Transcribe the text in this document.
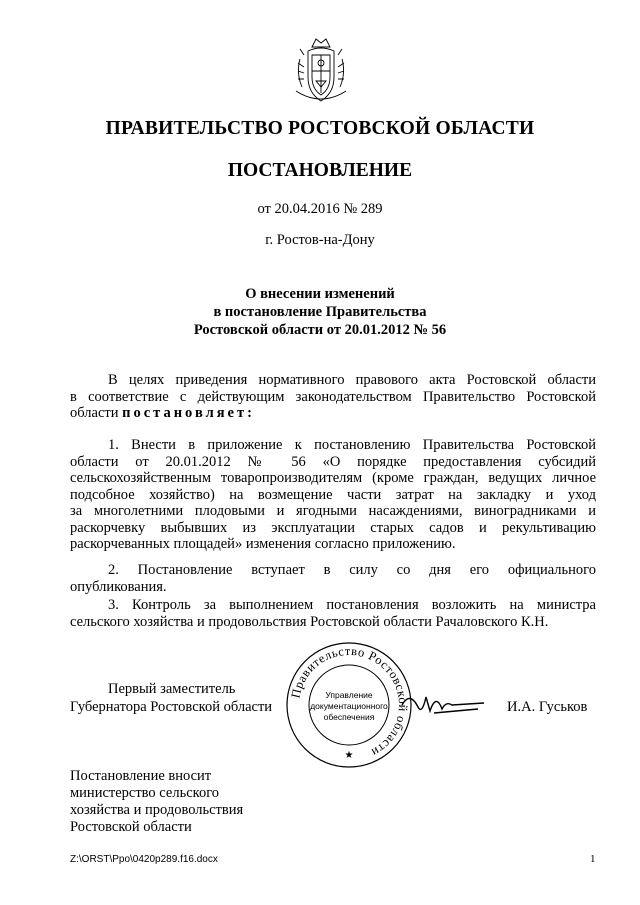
ПРАВИТЕЛЬСТВО РОСТОВСКОЙ ОБЛАСТИ
ПОСТАНОВЛЕНИЕ
от 20.04.2016 № 289
г. Ростов-на-Дону
О внесении изменений
в постановление Правительства
Ростовской области от 20.01.2012 № 56
В целях приведения нормативного правового акта Ростовской области
в соответствие с действующим законодательством Правительство Ростовской
области постановляет:
1. Внести в приложение к постановлению Правительства Ростовской
области от 20.01.2012 № 56 «О порядке предоставления субсидий
сельскохозяйственным товаропроизводителям (кроме граждан, ведущих личное
подсобное хозяйство) на возмещение части затрат на закладку и уход
за многолетними плодовыми и ягодными насаждениями, виноградниками и
раскорчевку выбывших из эксплуатации старых садов и рекультивацию
раскорчеванных площадей» изменения согласно приложению.
2. Постановление вступает в силу со дня его официального
опубликования.
3. Контроль за выполнением постановления возложить на министра
сельского хозяйства и продовольствия Ростовской области Рачаловского К.Н.
Правительство Ростовской области
Управление
документационного
обеспечения
★
Первый заместитель
Губернатора Ростовской области	И.А. Гуськов
Постановление вносит
министерство сельского
хозяйства и продовольствия
Ростовской области
Z:\ORST\Ppo\0420p289.f16.docx	1
